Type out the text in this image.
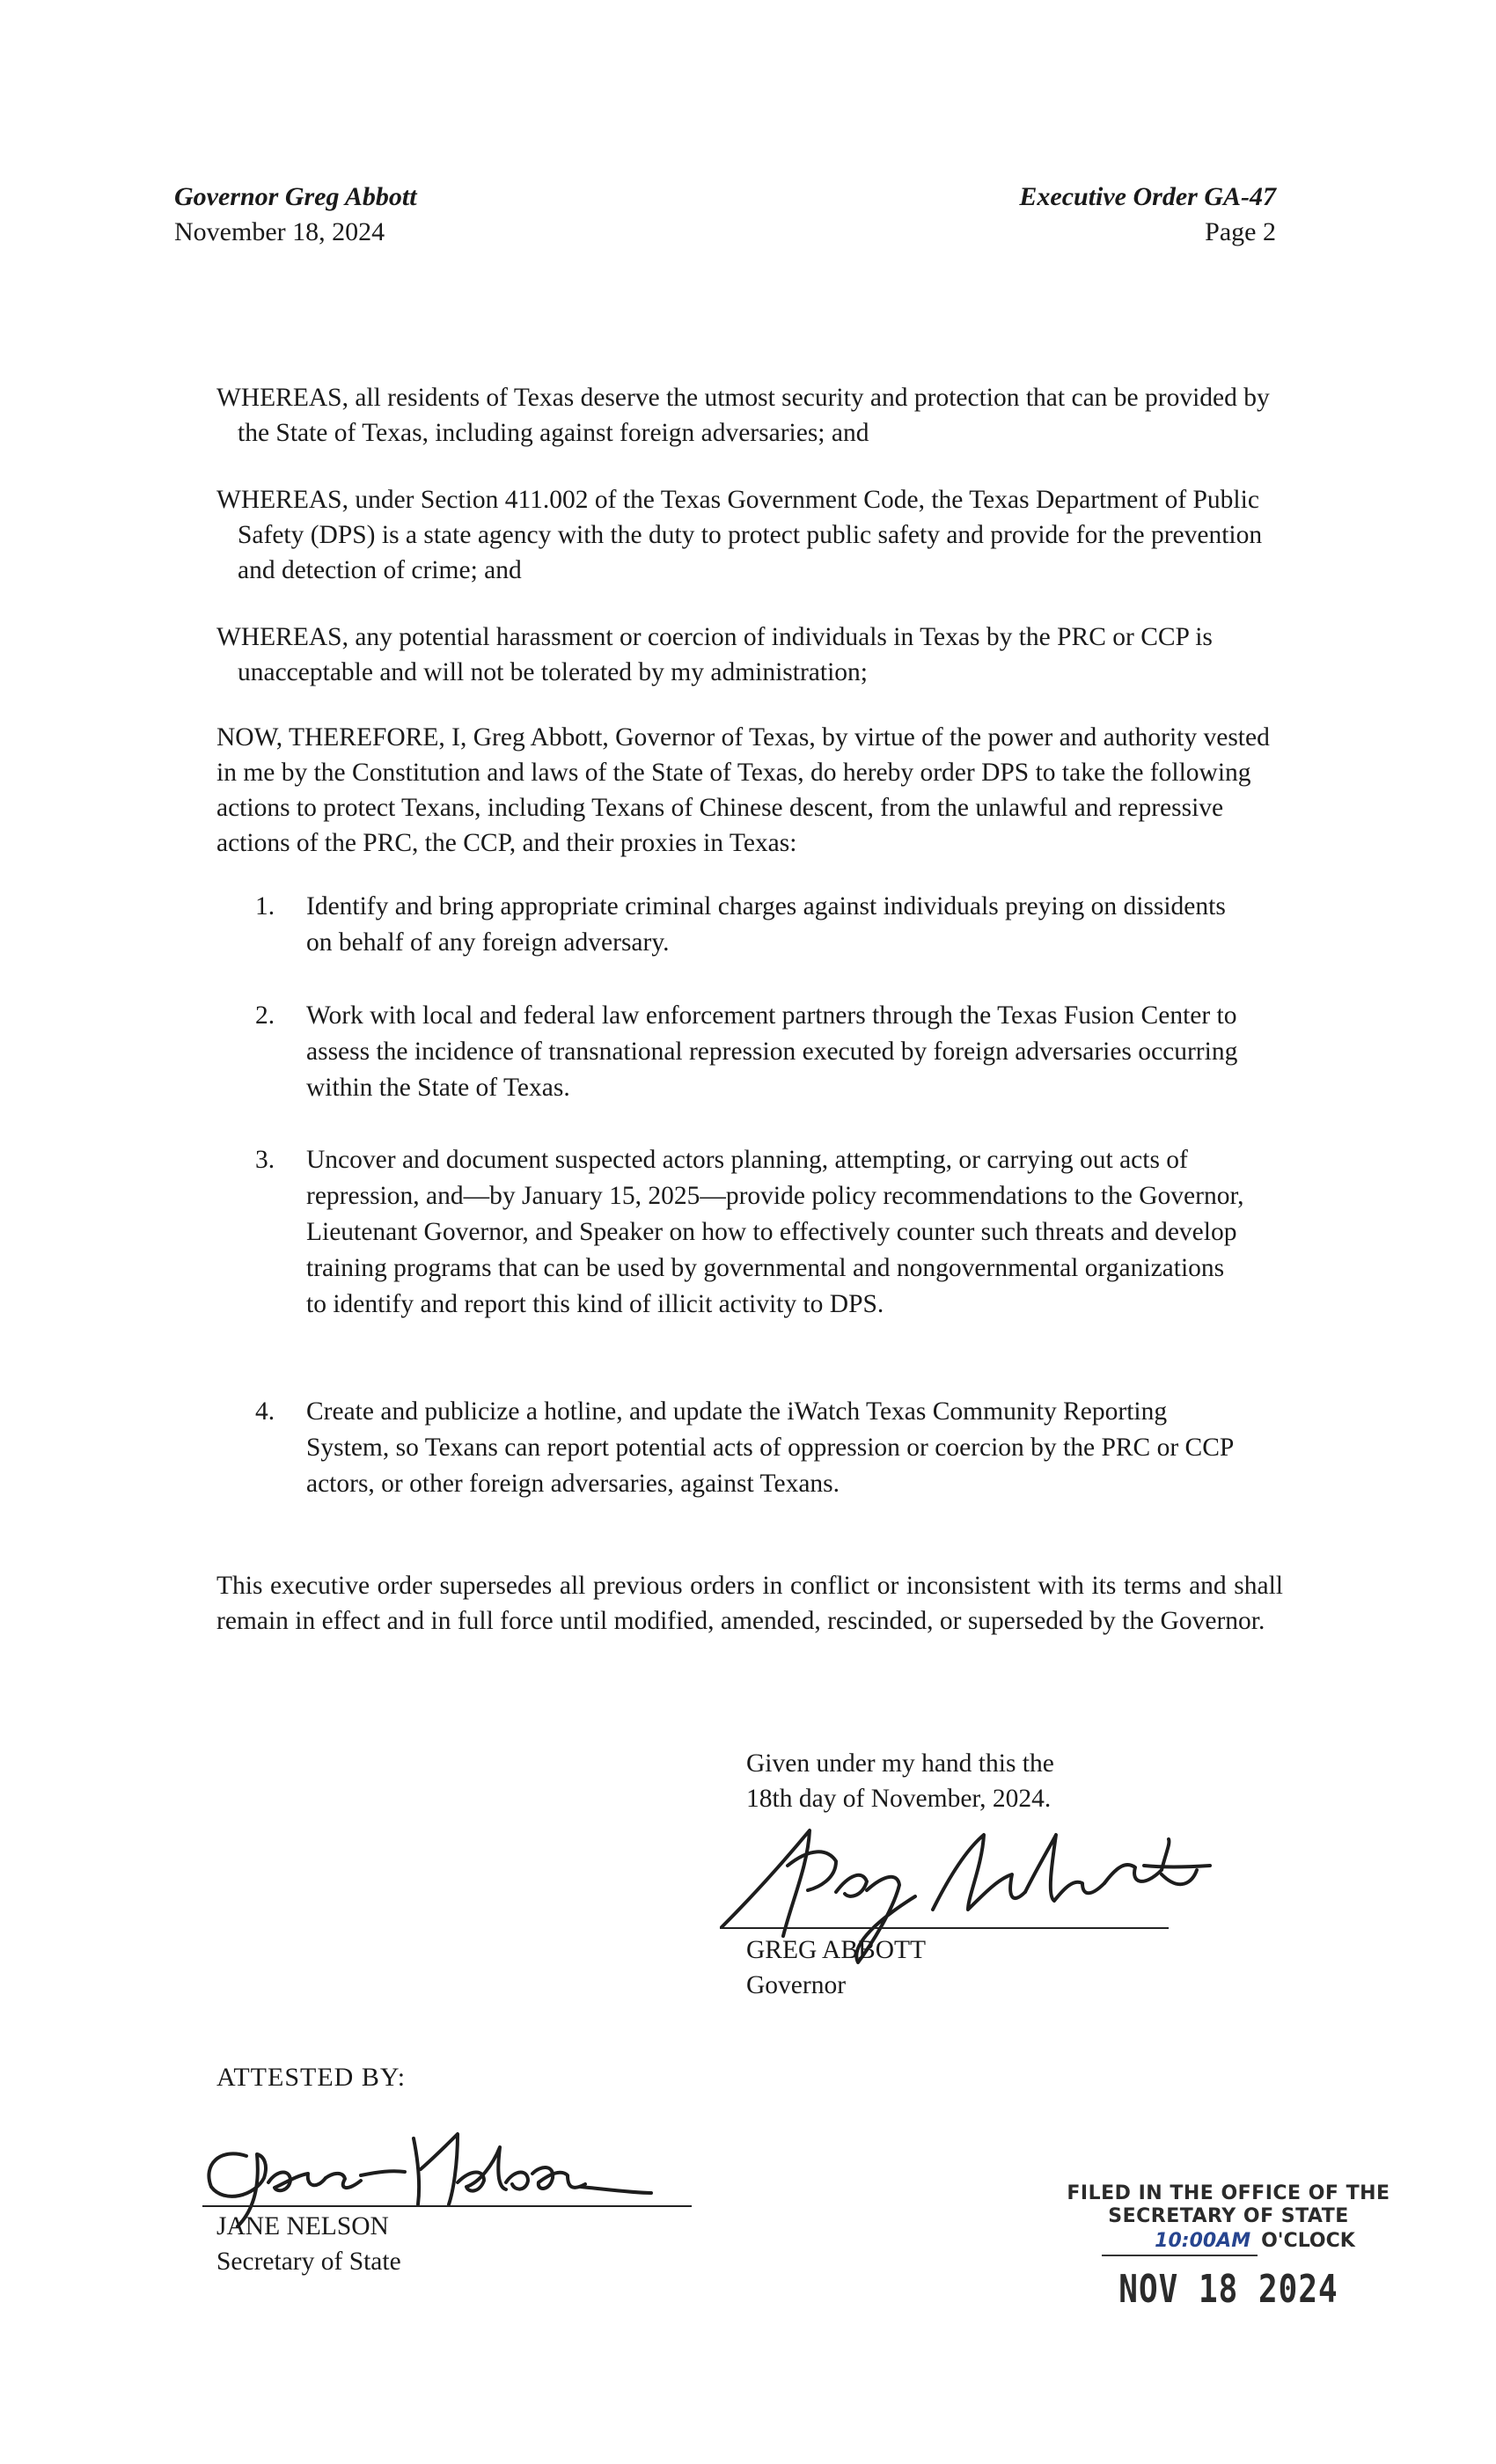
Governor Greg Abbott
November 18, 2024
Executive Order GA-47
Page 2

WHEREAS, all residents of Texas deserve the utmost security and protection that can be provided by the State of Texas, including against foreign adversaries; and

WHEREAS, under Section 411.002 of the Texas Government Code, the Texas Department of Public Safety (DPS) is a state agency with the duty to protect public safety and provide for the prevention and detection of crime; and

WHEREAS, any potential harassment or coercion of individuals in Texas by the PRC or CCP is unacceptable and will not be tolerated by my administration;

NOW, THEREFORE, I, Greg Abbott, Governor of Texas, by virtue of the power and authority vested in me by the Constitution and laws of the State of Texas, do hereby order DPS to take the following actions to protect Texans, including Texans of Chinese descent, from the unlawful and repressive actions of the PRC, the CCP, and their proxies in Texas:
1. Identify and bring appropriate criminal charges against individuals preying on dissidents on behalf of any foreign adversary.
2. Work with local and federal law enforcement partners through the Texas Fusion Center to assess the incidence of transnational repression executed by foreign adversaries occurring within the State of Texas.
3. Uncover and document suspected actors planning, attempting, or carrying out acts of repression, and—by January 15, 2025—provide policy recommendations to the Governor, Lieutenant Governor, and Speaker on how to effectively counter such threats and develop training programs that can be used by governmental and nongovernmental organizations to identify and report this kind of illicit activity to DPS.
4. Create and publicize a hotline, and update the iWatch Texas Community Reporting System, so Texans can report potential acts of oppression or coercion by the PRC or CCP actors, or other foreign adversaries, against Texans.
This executive order supersedes all previous orders in conflict or inconsistent with its terms and shall remain in effect and in full force until modified, amended, rescinded, or superseded by the Governor.
Given under my hand this the
18th day of November, 2024.
GREG ABBOTT
Governor
ATTESTED BY:
JANE NELSON
Secretary of State
FILED IN THE OFFICE OF THE
SECRETARY OF STATE
10:00AM O'CLOCK
NOV 18 2024
